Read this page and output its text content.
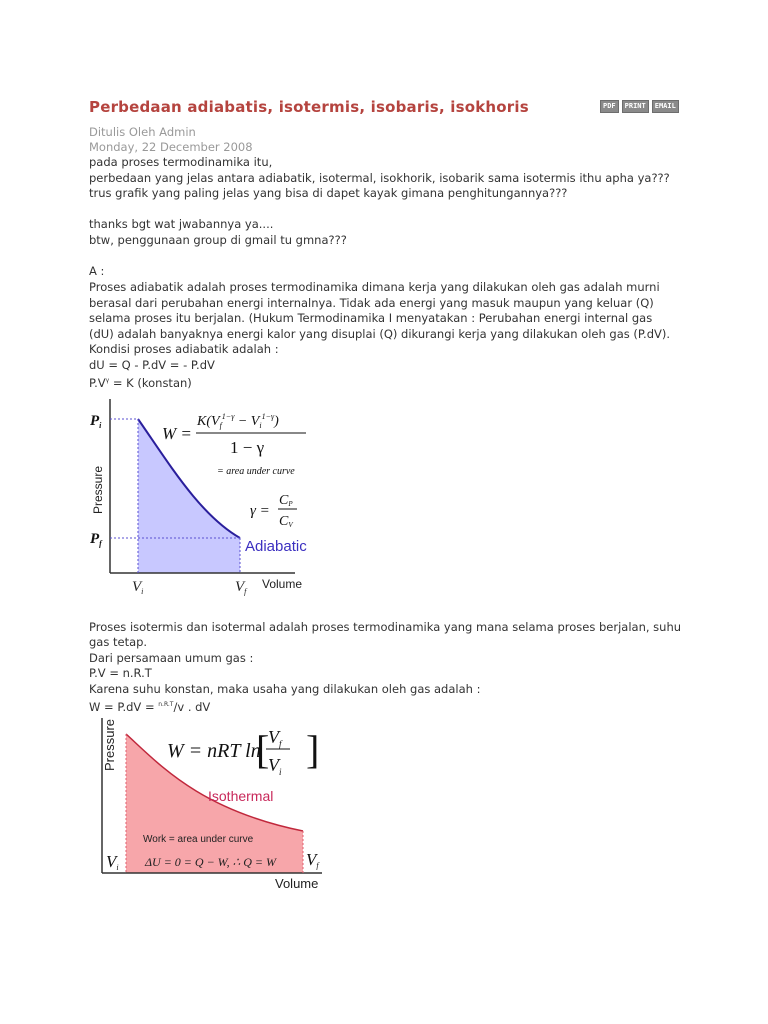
Perbedaan adiabatis, isotermis, isobaris, isokhoris	PDF	PRINT	EMAIL
Ditulis Oleh Admin
Monday, 22 December 2008
pada proses termodinamika itu,
perbedaan yang jelas antara adiabatik, isotermal, isokhorik, isobarik sama isotermis ithu apha ya???
trus grafik yang paling jelas yang bisa di dapet kayak gimana penghitungannya???
thanks bgt wat jwabannya ya....
btw, penggunaan group di gmail tu gmna???
A :
Proses adiabatik adalah proses termodinamika dimana kerja yang dilakukan oleh gas adalah murni
berasal dari perubahan energi internalnya. Tidak ada energi yang masuk maupun yang keluar (Q)
selama proses itu berjalan. (Hukum Termodinamika I menyatakan : Perubahan energi internal gas
(dU) adalah banyaknya energi kalor yang disuplai (Q) dikurangi kerja yang dilakukan oleh gas (P.dV).
Kondisi proses adiabatik adalah :
dU = Q - P.dV = - P.dV
$P.V^\gamma = K$ (konstan)
Pressure
$P_i$
$P_f$
$V_i$	$V_f$
Volume
W =
$K(V_f^{1-\gamma} - V_i^{1-\gamma})$
1 − γ
= area under curve
γ =
CP
CV
Adiabatic
Proses isotermis dan isotermal adalah proses termodinamika yang mana selama proses berjalan, suhu
gas tetap.
Dari persamaan umum gas :
P.V = n.R.T
Karena suhu konstan, maka usaha yang dilakukan oleh gas adalah :
W = P.dV = $^{n.R.T}$/v . dV
Pressure	W = nRT ln
[ ]
$V_f$
$V_i$
Isothermal
Work = area under curve
ΔU = 0 = Q − W, ∴ Q = W
Vi	Vf
Volume
